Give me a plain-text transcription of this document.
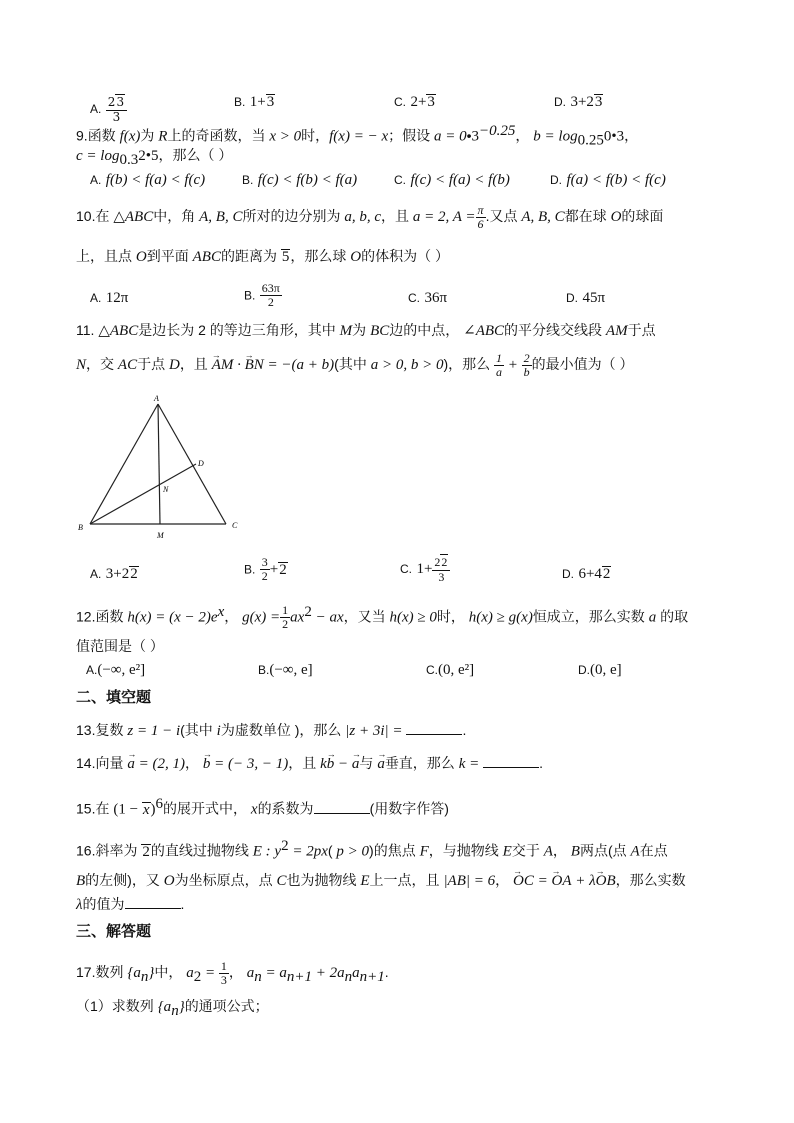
A. $\frac{23}{3}$	B. 1+3	C. 2+3	D. 3+23
9.函数 f(x)为 R上的奇函数，当 x > 0时，f(x) = − x；假设 $a = 0•3^{-0.25}$， $b = \log_{0.25}0•3$，
$c = \log_{0.3}2•5$，那么（ ）
A. f(b) < f(a) < f(c)	B. f(c) < f(b) < f(a)	C. f(c) < f(a) < f(b)	D. f(a) < f(b) < f(c)
10.在 △ABC中，角 A, B, C所对的边分别为 a, b, c，且 a = 2, $A = \frac{\pi}{6}$ .又点 A, B, C都在球 O的球面
上，且点 O到平面 ABC的距离为 5，那么球 O的体积为（ ）
A. 12π	B. $\frac{63\pi}{2}$	C. 36π	D. 45π
11. △ABC是边长为 2 的等边三角形，其中 M为 BC边的中点， ∠ABC的平分线交线段 AM于点
N，交 AC于点 D，且 → AM · → BN = −(a + b)(其中 a > 0, b > 0)，那么 $\frac{1}{a} + \frac{2}{b}$ 的最小值为（ ）
A
B	C
D
M
N
A. 3+22	B. $\frac{3}{2} +2$	C. $1+ \frac{22}{3}$	D. 6+42
12.函数 $h(x) = (x - 2)e^x$， $g(x) = \frac{1}{2} ax^2$ − ax，又当 h(x) ≥ 0时， h(x) ≥ g(x)恒成立，那么实数 a 的取
值范围是（ ）
A.(−∞, e²]	B.(−∞, e]	C.(0, e²]	D.(0, e]
二、填空题
13.复数 z = 1 − i(其中 i为虚数单位 )，那么 |z + 3i| =	.
14.向量 → a = (2, 1)， → b = (− 3, − 1)，且 k→ b − → a与 → a垂直，那么 k =	.
15.在 $(1 - x)^6$的展开式中， x的系数为	(用数字作答)
16.斜率为 2的直线过抛物线 E : $y^2 = 2px$( p > 0)的焦点 F，与抛物线 E交于 A， B两点(点 A在点
B的左侧)，又 O为坐标原点，点 C也为抛物线 E上一点，且 |AB| = 6， → OC = → OA + λ→ OB，那么实数
λ的值为	.
三、解答题
17.数列 $\{a_n\}$中， $a_2 = \frac{1}{3}$ ， $a_n = a_{n+1} + 2a_na_{n+1}$.
（1）求数列 $\{a_n\}$的通项公式；
